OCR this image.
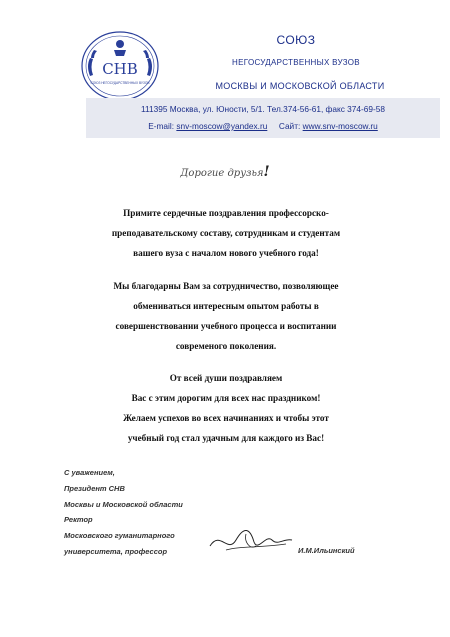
СНВ
СОЮЗ НЕГОСУДАРСТВЕННЫХ ВУЗОВ
СОЮЗ
НЕГОСУДАРСТВЕННЫХ ВУЗОВ
МОСКВЫ И МОСКОВСКОЙ ОБЛАСТИ
111395 Москва, ул. Юности, 5/1. Тел.374-56-61, факс 374-69-58
E-mail: snv-moscow@yandex.ru Сайт: www.snv-moscow.ru
Дорогие друзья!
Примите сердечные поздравления профессорско-
преподавательскому составу, сотрудникам и студентам
вашего вуза с началом нового учебного года!
Мы благодарны Вам за сотрудничество, позволяющее
обмениваться интересным опытом работы в
совершенствовании учебного процесса и воспитании
современого поколения.
От всей души поздравляем
Вас с этим дорогим для всех нас праздником!
Желаем успехов во всех начинаниях и чтобы этот
учебный год стал удачным для каждого из Вас!
С уважением,
Президент СНВ
Москвы и Московской области
Ректор
Московского гуманитарного
университета, профессор	И.М.Ильинский
